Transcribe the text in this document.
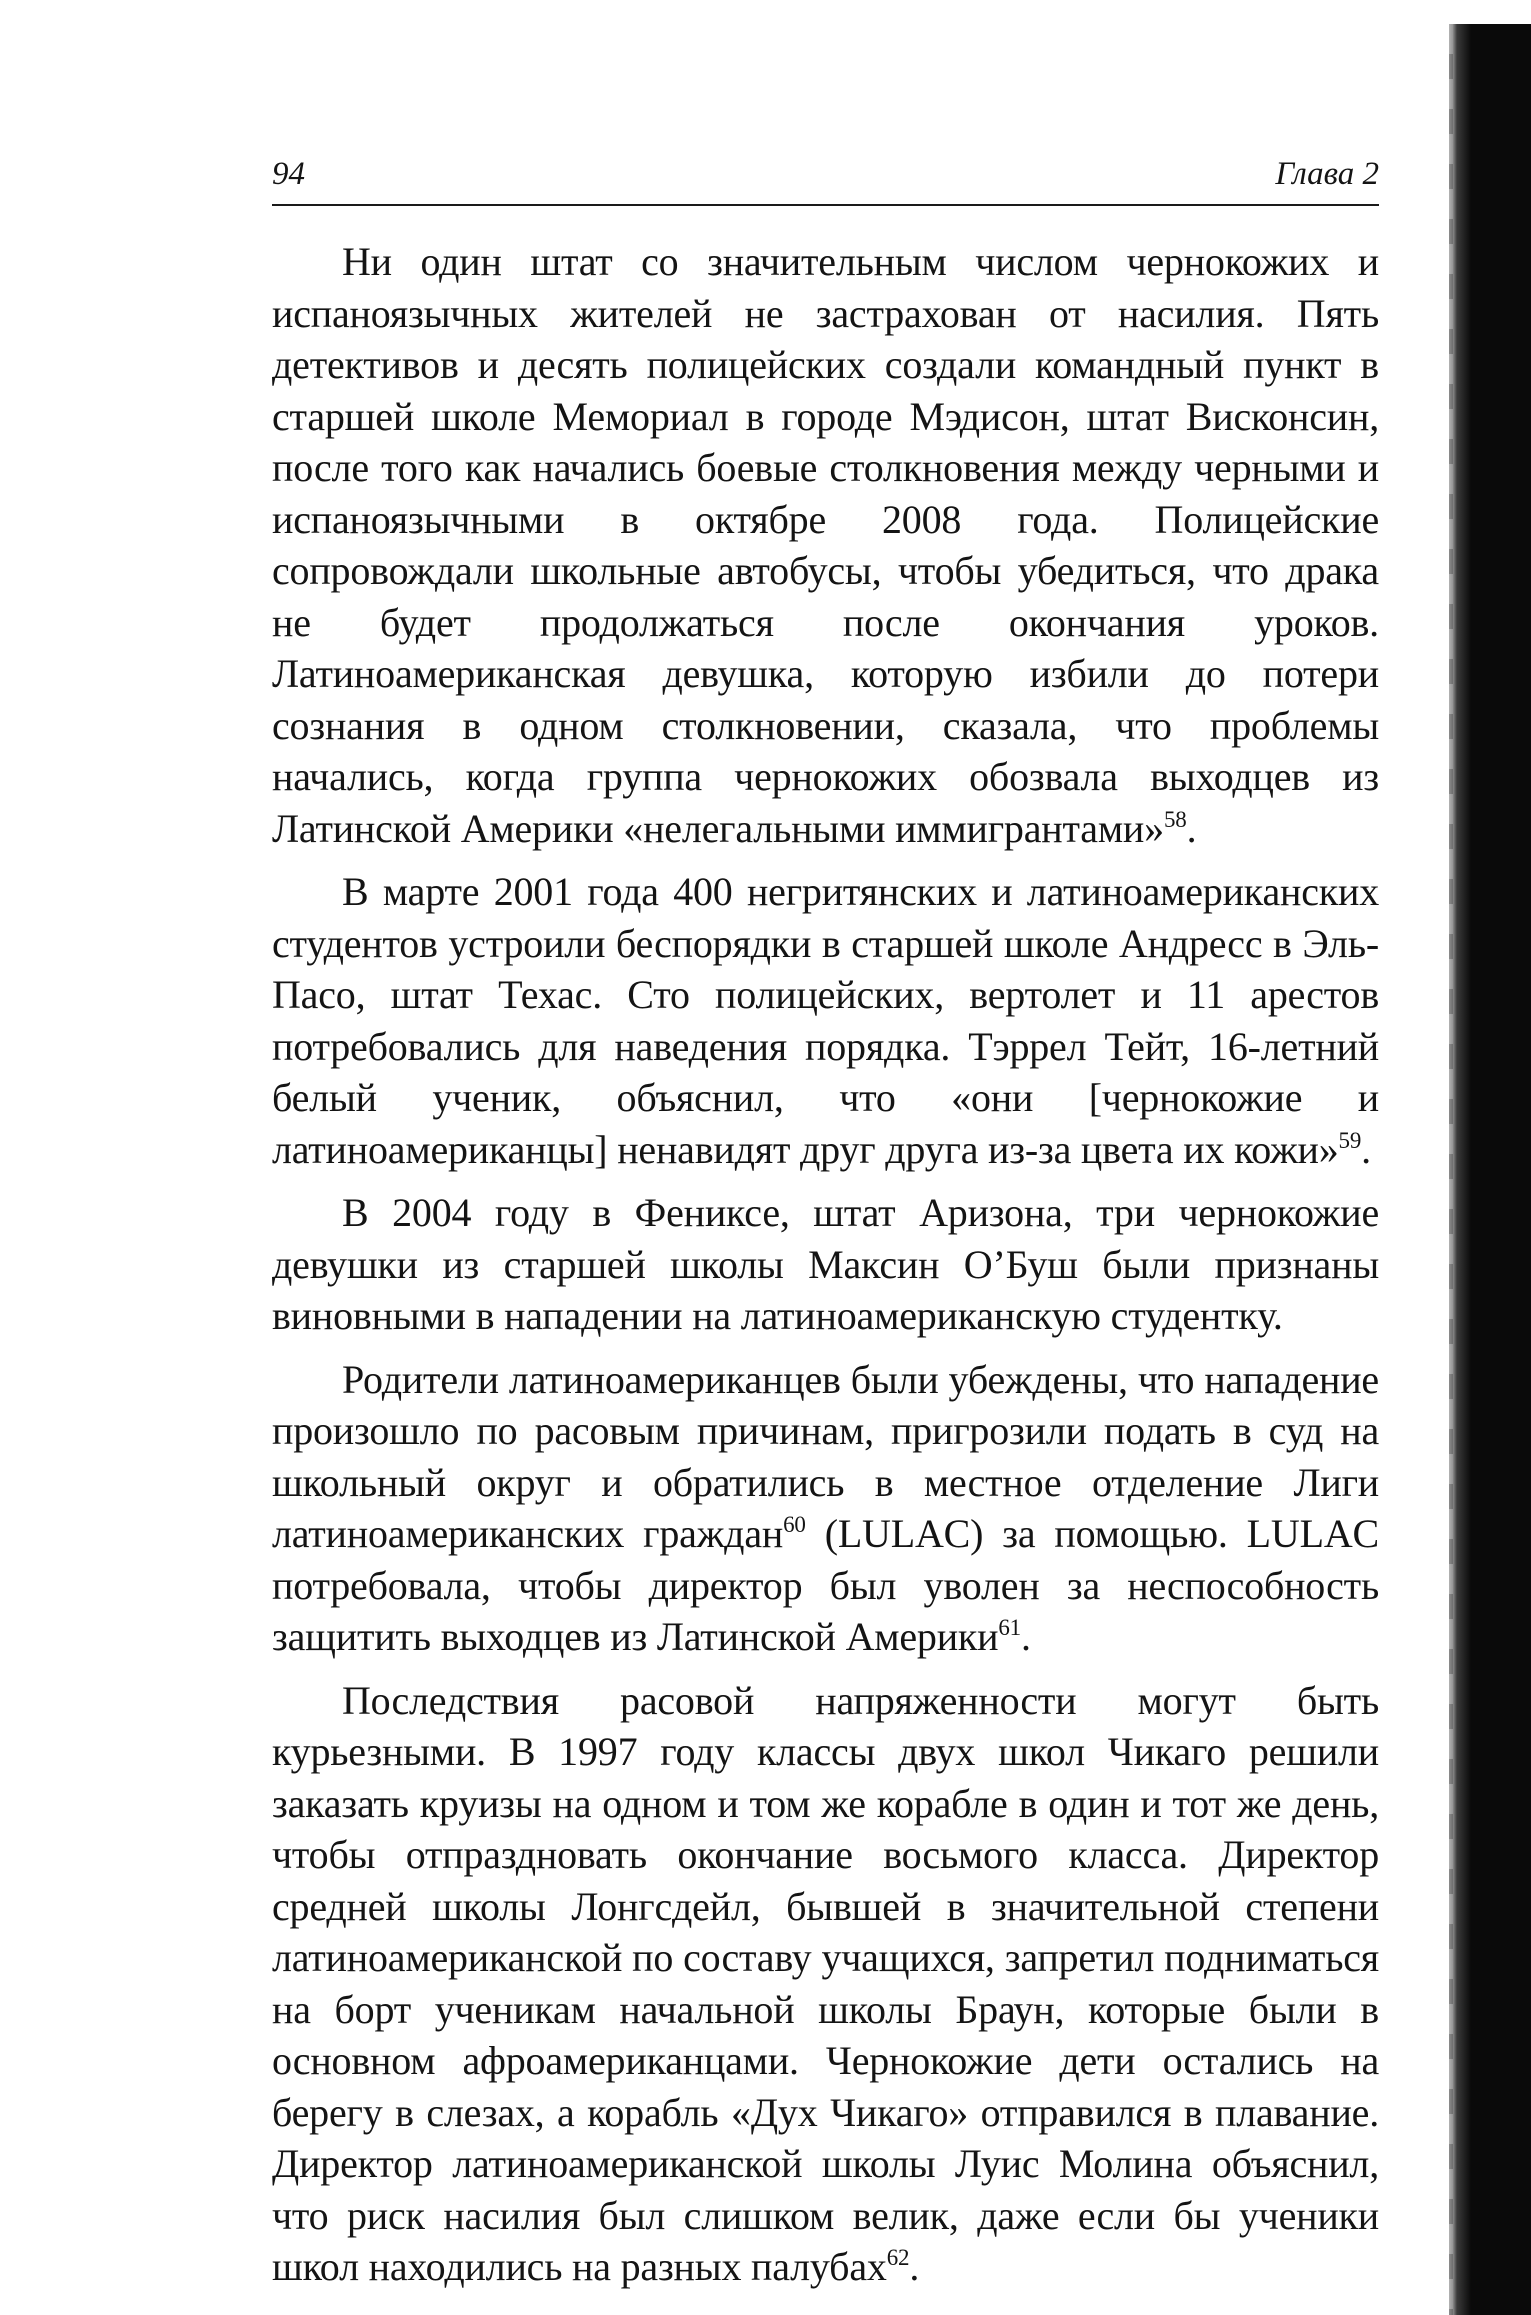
94	Глава 2

Ни один штат со значительным числом чернокожих и испаноязычных жителей не застрахован от насилия. Пять детективов и десять полицейских создали командный пункт в старшей школе Мемориал в городе Мэдисон, штат Висконсин, после того как начались боевые столкновения между черными и испаноязычными в октябре 2008 года. Полицейские сопровождали школьные автобусы, чтобы убедиться, что драка не будет продолжаться после окончания уроков. Латиноамериканская девушка, которую избили до потери сознания в одном столкновении, сказала, что проблемы начались, когда группа чернокожих обозвала выходцев из Латинской Америки «нелегальными иммигрантами»$^{58}$.

В марте 2001 года 400 негритянских и латиноамериканских студентов устроили беспорядки в старшей школе Андресс в Эль-Пасо, штат Техас. Сто полицейских, вертолет и 11 арестов потребовались для наведения порядка. Тэррел Тейт, 16-летний белый ученик, объяснил, что «они [чернокожие и латиноамериканцы] ненавидят друг друга из-за цвета их кожи»$^{59}$.

В 2004 году в Фениксе, штат Аризона, три чернокожие девушки из старшей школы Максин О’Буш были признаны виновными в нападении на латиноамериканскую студентку.

Родители латиноамериканцев были убеждены, что нападение произошло по расовым причинам, пригрозили подать в суд на школьный округ и обратились в местное отделение Лиги латиноамериканских граждан$^{60}$ (LULAC) за помощью. LULAC потребовала, чтобы директор был уволен за неспособность защитить выходцев из Латинской Америки$^{61}$.

Последствия расовой напряженности могут быть курьезными. В 1997 году классы двух школ Чикаго решили заказать круизы на одном и том же корабле в один и тот же день, чтобы отпраздновать окончание восьмого класса. Директор средней школы Лонгсдейл, бывшей в значительной степени латиноамериканской по составу учащихся, запретил подниматься на борт ученикам начальной школы Браун, которые были в основном афроамериканцами. Чернокожие дети остались на берегу в слезах, а корабль «Дух Чикаго» отправился в плавание. Директор латиноамериканской школы Луис Молина объяснил, что риск насилия был слишком велик, даже если бы ученики школ находились на разных палубах$^{62}$.
